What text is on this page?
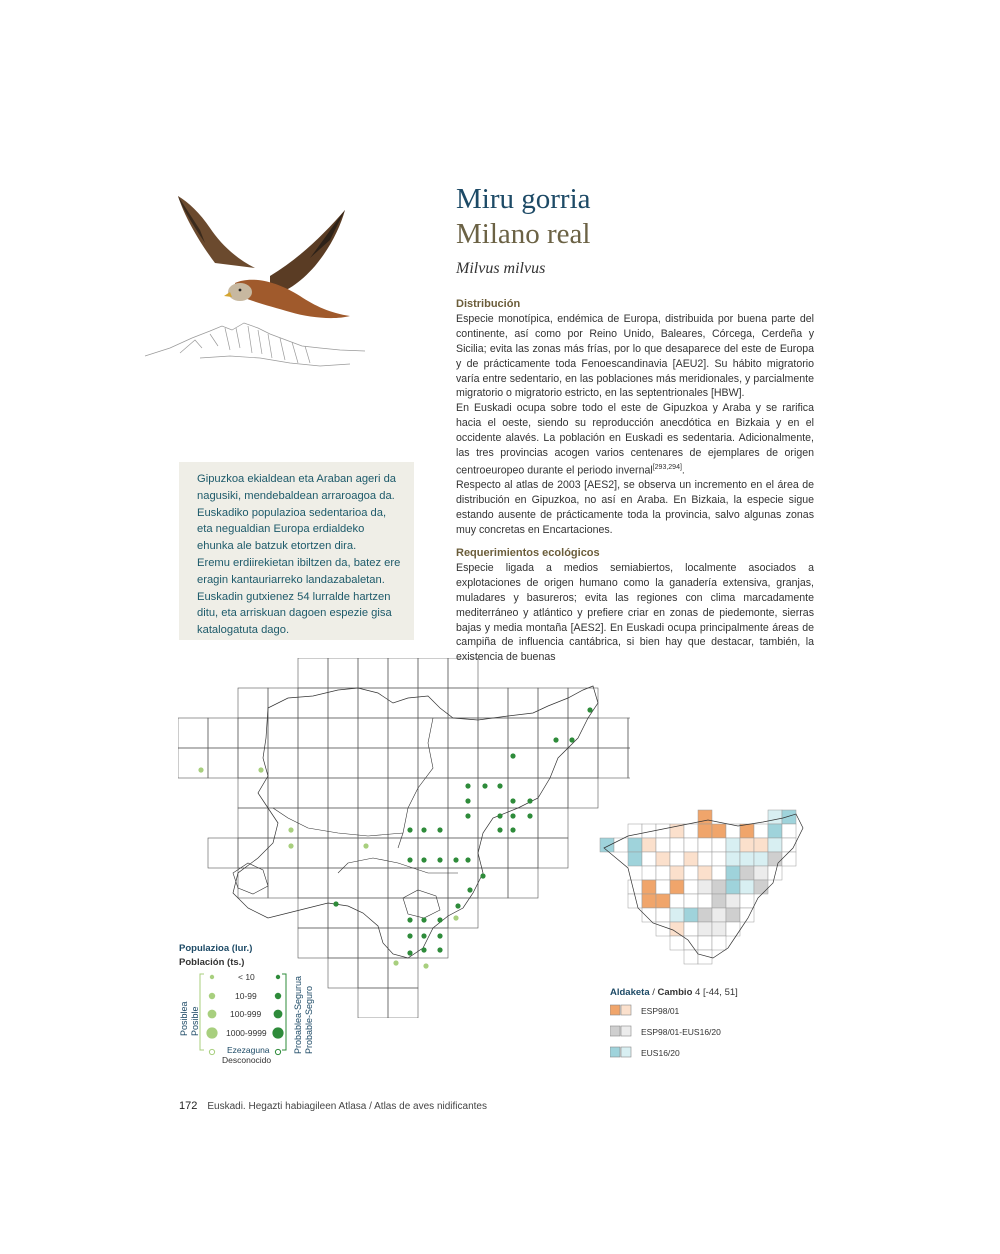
Miru gorria
Milano real
Milvus milvus
Distribución

Especie monotípica, endémica de Europa, distribuida por buena parte del continente, así como por Reino Unido, Baleares, Córcega, Cerdeña y Sicilia; evita las zonas más frías, por lo que desaparece del este de Europa y de prácticamente toda Fenoescandinavia [AEU2]. Su hábito migratorio varía entre sedentario, en las poblaciones más meridionales, y parcialmente migratorio o migratorio estricto, en las septentrionales [HBW].

En Euskadi ocupa sobre todo el este de Gipuzkoa y Araba y se rarifica hacia el oeste, siendo su reproducción anecdótica en Bizkaia y en el occidente alavés. La población en Euskadi es sedentaria. Adicionalmente, las tres provincias acogen varios centenares de ejemplares de origen centroeuropeo durante el periodo invernal[293,294].

Respecto al atlas de 2003 [AES2], se observa un incremento en el área de distribución en Gipuzkoa, no así en Araba. En Bizkaia, la especie sigue estando ausente de prácticamente toda la provincia, salvo algunas zonas muy concretas en Encartaciones.

Requerimientos ecológicos

Especie ligada a medios semiabiertos, localmente asociados a explotaciones de origen humano como la ganadería extensiva, granjas, muladares y basureros; evita las regiones con clima marcadamente mediterráneo y atlántico y prefiere criar en zonas de piedemonte, sierras bajas y media montaña [AES2]. En Euskadi ocupa principalmente áreas de campiña de influencia cantábrica, si bien hay que destacar, también, la existencia de buenas

Gipuzkoa ekialdean eta Araban ageri da

nagusiki, mendebaldean arraroagoa da.

Euskadiko populazioa sedentarioa da,

eta negualdian Europa erdialdeko

ehunka ale batzuk etortzen dira.

Eremu erdiirekietan ibiltzen da, batez ere

eragin kantauriarreko landazabaletan.

Euskadin gutxienez 54 lurralde hartzen

ditu, eta arriskuan dagoen espezie gisa

katalogatuta dago.

Populazioa (lur.)
Población (ts.)
< 10
10-99
100-999
1000-9999
Ezezaguna
Desconocido
Posiblea Posible	Probablea-Segurua Probable-Seguro	Aldaketa / Cambio 4 [-44, 51]
ESP98/01
ESP98/01-EUS16/20
EUS16/20
172 Euskadi. Hegazti habiagileen Atlasa / Atlas de aves nidificantes
